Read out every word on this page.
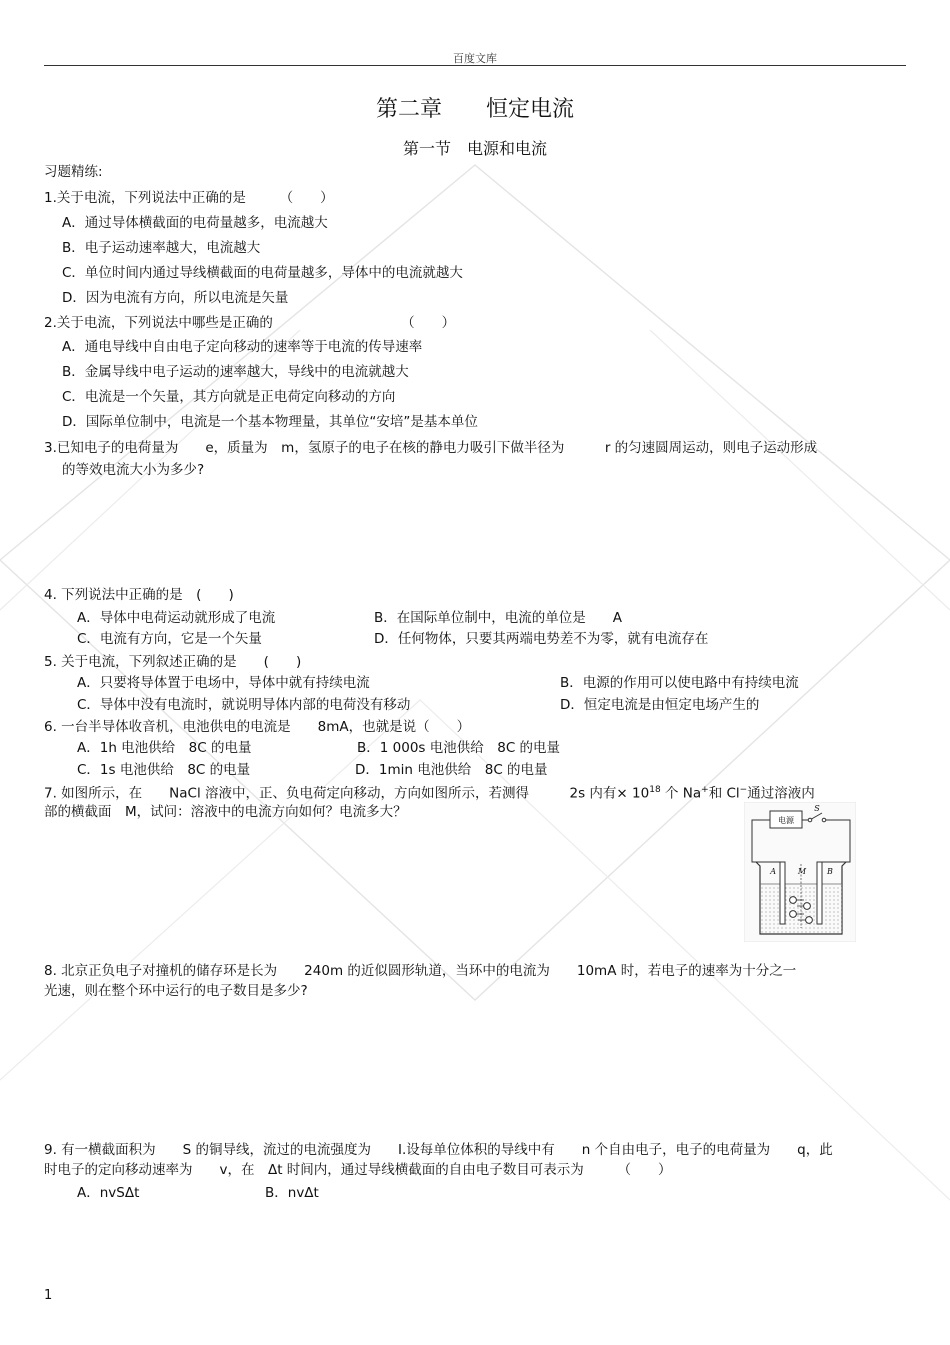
百度文库
第二章　　恒定电流
第一节　电源和电流
习题精练:
1.关于电流，下列说法中正确的是　　　（　　）
A．通过导体横截面的电荷量越多，电流越大
B．电子运动速率越大，电流越大
C．单位时间内通过导线横截面的电荷量越多，导体中的电流就越大
D．因为电流有方向，所以电流是矢量
2.关于电流，下列说法中哪些是正确的　　　　　　　　　　（　　）
A．通电导线中自由电子定向移动的速率等于电流的传导速率
B．金属导线中电子运动的速率越大，导线中的电流就越大
C．电流是一个矢量，其方向就是正电荷定向移动的方向
D．国际单位制中，电流是一个基本物理量，其单位“安培”是基本单位
3.已知电子的电荷量为　　e，质量为　m，氢原子的电子在核的静电力吸引下做半径为　　　r 的匀速圆周运动，则电子运动形成
的等效电流大小为多少?
4. 下列说法中正确的是　(　　)
A．导体中电荷运动就形成了电流	B．在国际单位制中，电流的单位是　　A
C．电流有方向，它是一个矢量	D．任何物体，只要其两端电势差不为零，就有电流存在
5. 关于电流，下列叙述正确的是　　(　　)
A．只要将导体置于电场中，导体中就有持续电流	B．电源的作用可以使电路中有持续电流
C．导体中没有电流时，就说明导体内部的电荷没有移动	D．恒定电流是由恒定电场产生的
6. 一台半导体收音机，电池供电的电流是　　8mA，也就是说（　　）
A．1h 电池供给　8C 的电量	B．1 000s 电池供给　8C 的电量
C．1s 电池供给　8C 的电量	D．1min 电池供给　8C 的电量
部的横截面　M，试问：溶液中的电流方向如何？电流多大？
8. 北京正负电子对撞机的储存环是长为　　240m 的近似圆形轨道，当环中的电流为　　10mA 时，若电子的速率为十分之一
光速，则在整个环中运行的电子数目是多少?
9. 有一横截面积为　　S 的铜导线，流过的电流强度为　　I.设每单位体积的导线中有　　n 个自由电子，电子的电荷量为　　q，此
时电子的定向移动速率为　　v，在　Δt 时间内，通过导线横截面的自由电子数目可表示为　　　（　　）
A．nvSΔt	B．nvΔt
7. 如图所示，在　　NaCl 溶液中，正、负电荷定向移动，方向如图所示，若测得　　　2s 内有× $10^{18}$ 个 Na+和 Cl−通过溶液内
电源
S
A	M	B
1
